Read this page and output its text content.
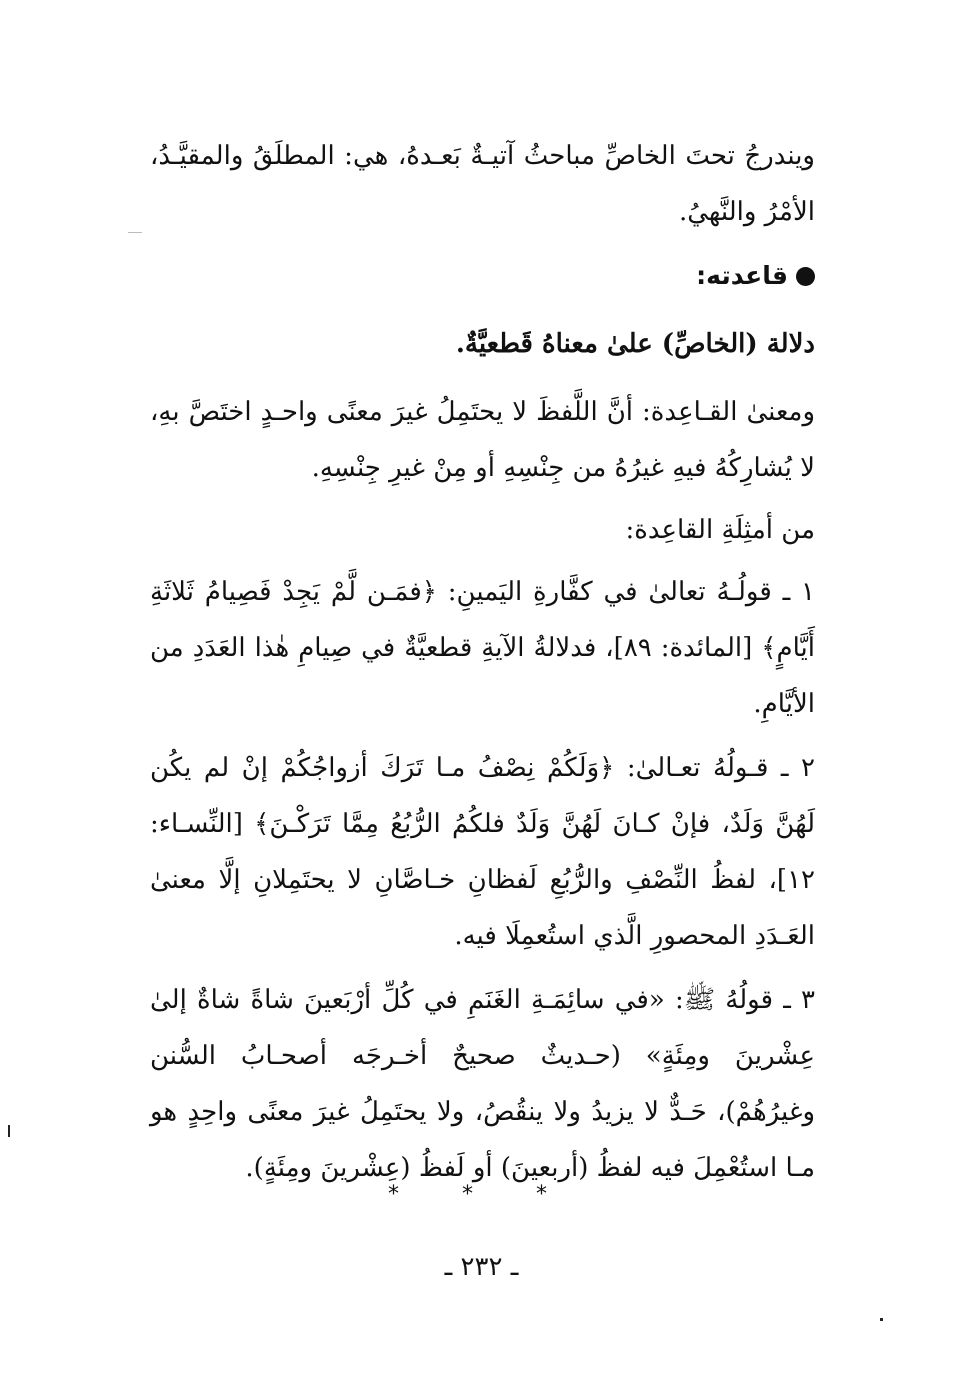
ويندرجُ تحتَ الخاصِّ مباحثُ آتيـةٌ بَعـدهُ، هي: المطلَقُ والمقيَّـدُ، الأمْرُ والنَّهيُ.

قاعدته:

دلالة (الخاصِّ) علىٰ معناهُ قَطعيَّةٌ.

ومعنىٰ القـاعِدة: أنَّ اللَّفظَ لا يحتَمِلُ غيرَ معنًى واحـدٍ اختَصَّ بهِ، لا يُشارِكُهُ فيهِ غيرُهُ من جِنْسِهِ أو مِنْ غيرِ جِنْسِهِ.

من أمثِلَةِ القاعِدة:

١ ـ قولُـهُ تعالىٰ في كفَّارةِ اليَمينِ: ﴿فمَـن لَّمْ يَجِدْ فَصِيامُ ثَلاثَةِ أَيَّامٍ﴾ [المائدة: ٨٩]، فدلالةُ الآيةِ قطعيَّةٌ في صِيامِ هٰذا العَدَدِ من الأيَّامِ.

٢ ـ قـولُهُ تعـالىٰ: ﴿وَلَكُمْ نِصْفُ مـا تَرَكَ أزواجُكُمْ إنْ لم يكُن لَهُنَّ وَلَدٌ، فإنْ كـانَ لَهُنَّ وَلَدٌ فلكُمُ الرُّبُعُ مِمَّا تَرَكْـنَ﴾ [النِّسـاء: ١٢]، لفظُ النِّصْفِ والرُّبُعِ لَفظانِ خـاصَّانِ لا يحتَمِلانِ إلَّا معنىٰ العَـدَدِ المحصورِ الَّذي استُعمِلَا فيه.

٣ ـ قولُهُ ﷺ: «في سائِمَـةِ الغَنَمِ في كُلِّ أرْبَعينَ شاةً شاةٌ إلىٰ عِشْرينَ ومِئَةٍ» (حـديثٌ صحيحٌ أخـرجَه أصحـابُ السُّنن وغيرُهُمْ)، حَـدٌّ لا يزيدُ ولا ينقُصُ، ولا يحتَمِلُ غيرَ معنًى واحِدٍ هو مـا استُعْمِلَ فيه لفظُ (أربعينَ) أو لَفظُ (عِشْرينَ ومِئَةٍ).

* * *
ـ ٢٣٢ ـ
